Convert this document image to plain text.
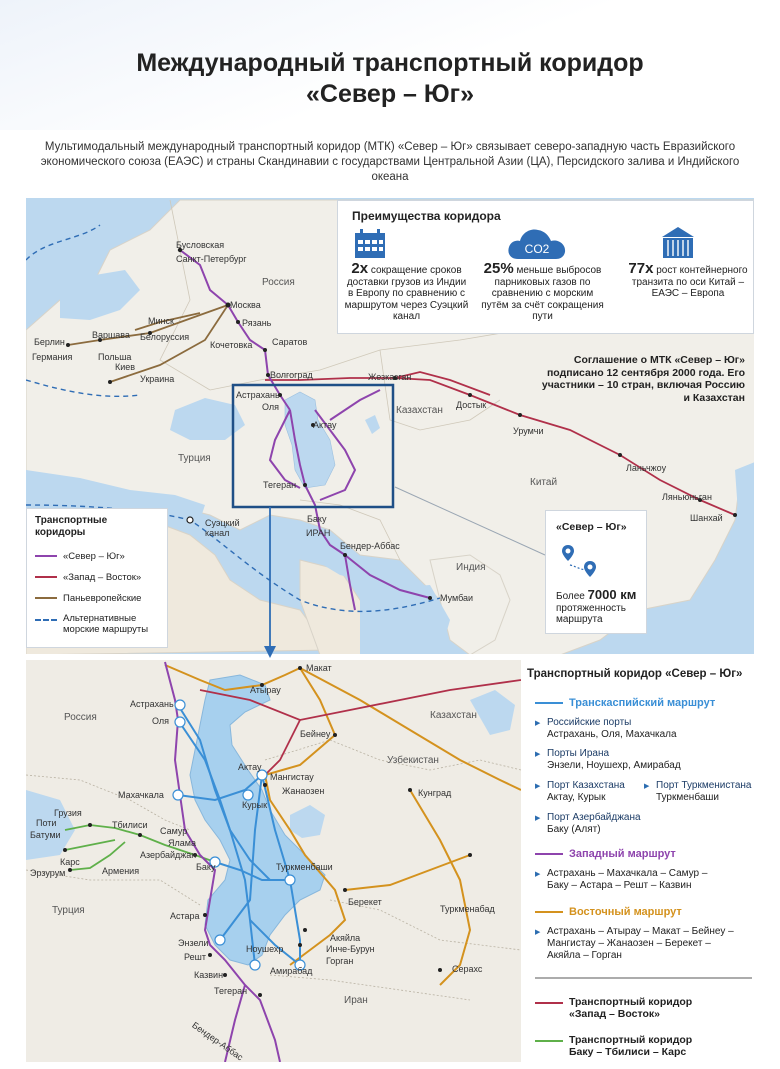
Международный транспортный коридор
«Север – Юг»
Мультимодальный международный транспортный коридор (МТК) «Север – Юг» связывает северо-западную часть Евразийского экономического союза (ЕАЭС) и страны Скандинавии с государствами Центральной Азии (ЦА), Персидского залива и Индийского океана
Бусловская
Санкт-Петербург
Россия
Москва
Рязань
Минск
Белоруссия
Берлин
Варшава
Германия	Польша
Киев
Украина
Кочетовка Саратов
Волгоград
Астрахань
Оля
Актау
Жезказган
Казахстан Достык
Урумчи
Ланьчжоу
Китай
Ляньюньган
Шанхай
Турция
Тегеран
Баку
ИРАН
Бендер-Аббас
Суэцкий канал
Индия
Мумбаи
Преимущества коридора
CO2
2x сокращение сроков доставки грузов из Индии в Европу по сравнению с маршрутом через Суэцкий канал
25% меньше выбросов парниковых газов по сравнению с морским путём за счёт сокращения пути
77x рост контейнерного транзита по оси Китай – ЕАЭС – Европа
Соглашение о МТК «Север – Юг» подписано 12 сентября 2000 года. Его участники – 10 стран, включая Россию и Казахстан
Транспортные коридоры
«Север – Юг»
«Запад – Восток»
Паньевропейские
Альтернативные морские маршруты
«Север – Юг»
Более 7000 км
протяженность маршрута
Макат
Атырау
Астрахань
Оля
Россия	Казахстан
Бейнеу
Узбекистан
Актау
Мангистау
Курык
Жанаозен	Кунград
Махачкала
Грузия
Поти
Батуми
Тбилиси
Самур
Ялама
Азербайджан
Баку
Карс
Армения
Эрзурум
Туркменбаши
Турция
Берекет
Туркменабад
Астара
Акяйла
Инче-Бурун
Горган
Энзели
Ноушехр
Решт
Амирабад
Казвин
Серахс
Тегеран
Иран
Бендер-Аббас
Транспортный коридор «Север – Юг»
Транскаспийский маршрут
▶ Российские порты
Астрахань, Оля, Махачкала
▶ Порты Ирана
Энзели, Ноушехр, Амирабад
▶ Порт Казахстана
Актау, Курык
▶ Порт Туркменистана
Туркменбаши
▶ Порт Азербайджана
Баку (Алят)
Западный маршрут
▶ Астрахань – Махачкала – Самур –
Баку – Астара – Решт – Казвин
Восточный маршрут
▶ Астрахань – Атырау – Макат – Бейнеу –
Мангистау – Жанаозен – Берекет –
Акяйла – Горган
Транспортный коридор
«Запад – Восток»
Транспортный коридор
Баку – Тбилиси – Карс
